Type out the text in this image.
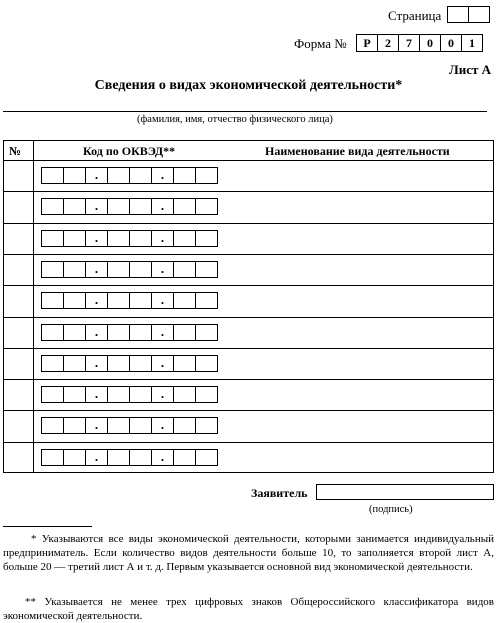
Страница
Форма №	Р	2	7	0	0	1
Лист А
Сведения о видах экономической деятельности*
(фамилия, имя, отчество физического лица)
№	Код по ОКВЭД**	Наименование вида деятельности
.	.
.	.
.	.
.	.
.	.
.	.
.	.
.	.
.	.
.	.
Заявитель
(подпись)
* Указываются все виды экономической деятельности, которыми занимается индивидуальный предприниматель. Если количество видов деятельности больше 10, то заполняется второй лист А, больше 20 — третий лист А и т. д. Первым указывается основной вид экономической деятельности.
** Указывается не менее трех цифровых знаков Общероссийского классификатора видов экономической деятельности.
